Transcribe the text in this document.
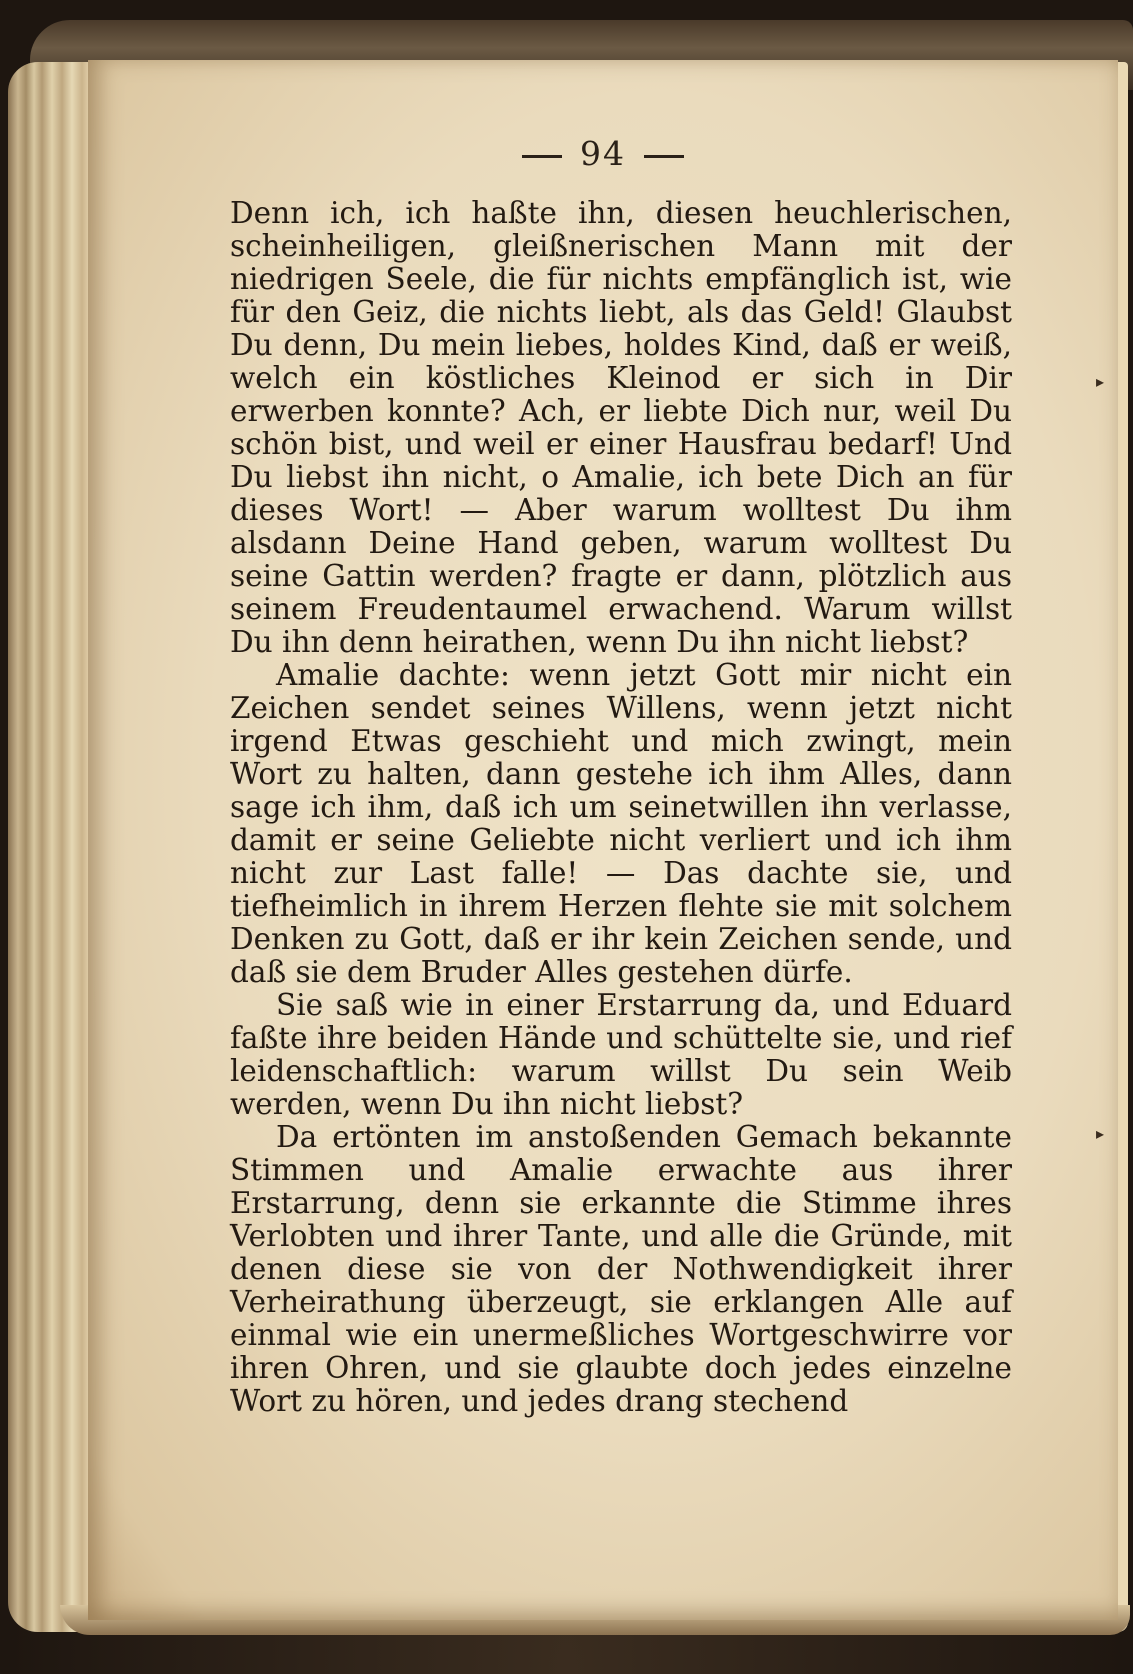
94

Denn ich, ich haßte ihn, diesen heuchlerischen, scheinheiligen, gleißnerischen Mann mit der niedrigen Seele, die für nichts empfänglich ist, wie für den Geiz, die nichts liebt, als das Geld! Glaubst Du denn, Du mein liebes, holdes Kind, daß er weiß, welch ein köstliches Kleinod er sich in Dir erwerben konnte? Ach, er liebte Dich nur, weil Du schön bist, und weil er einer Hausfrau bedarf! Und Du liebst ihn nicht, o Amalie, ich bete Dich an für dieses Wort! — Aber warum wolltest Du ihm alsdann Deine Hand geben, warum wolltest Du seine Gattin werden? fragte er dann, plötzlich aus seinem Freudentaumel erwachend. Warum willst Du ihn denn heirathen, wenn Du ihn nicht liebst?

Amalie dachte: wenn jetzt Gott mir nicht ein Zeichen sendet seines Willens, wenn jetzt nicht irgend Etwas geschieht und mich zwingt, mein Wort zu halten, dann gestehe ich ihm Alles, dann sage ich ihm, daß ich um seinetwillen ihn verlasse, damit er seine Geliebte nicht verliert und ich ihm nicht zur Last falle! — Das dachte sie, und tiefheimlich in ihrem Herzen flehte sie mit solchem Denken zu Gott, daß er ihr kein Zeichen sende, und daß sie dem Bruder Alles gestehen dürfe.

Sie saß wie in einer Erstarrung da, und Eduard faßte ihre beiden Hände und schüttelte sie, und rief leidenschaftlich: warum willst Du sein Weib werden, wenn Du ihn nicht liebst?

Da ertönten im anstoßenden Gemach bekannte Stimmen und Amalie erwachte aus ihrer Erstarrung, denn sie erkannte die Stimme ihres Verlobten und ihrer Tante, und alle die Gründe, mit denen diese sie von der Nothwendigkeit ihrer Verheirathung überzeugt, sie erklangen Alle auf einmal wie ein unermeßliches Wortgeschwirre vor ihren Ohren, und sie glaubte doch jedes einzelne Wort zu hören, und jedes drang stechend

▸
▸
